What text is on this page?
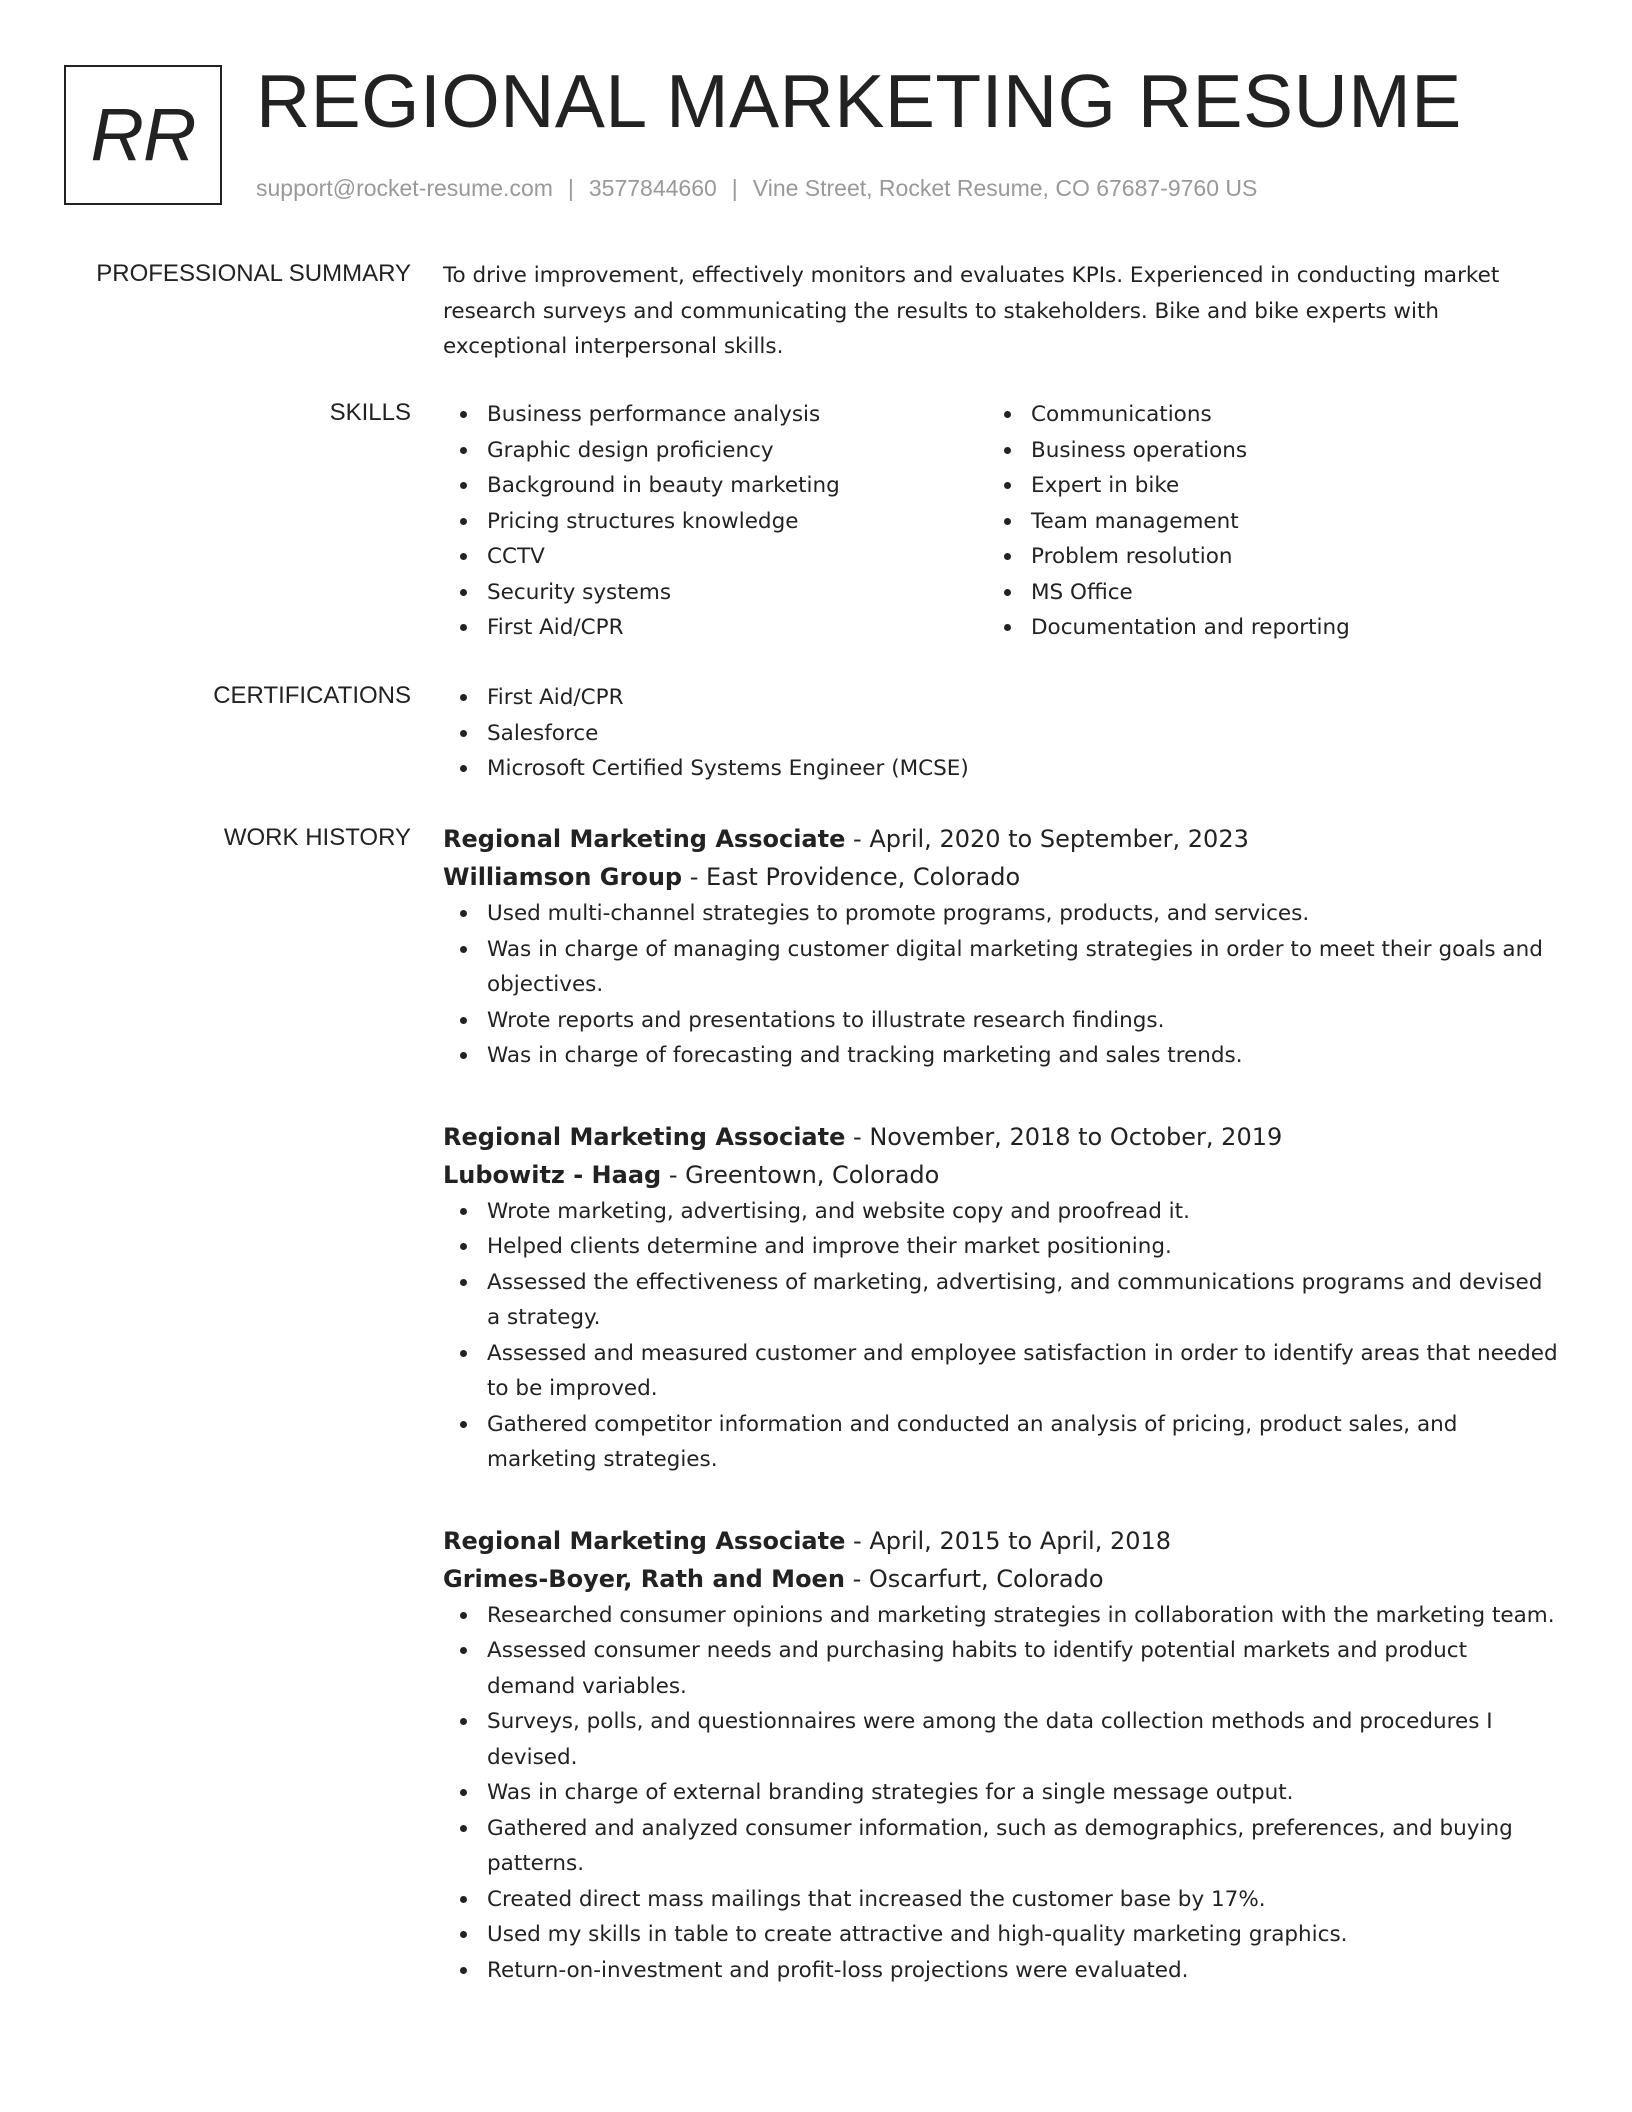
RR REGIONAL MARKETING RESUME
support@rocket-resume.com | 3577844660 | Vine Street, Rocket Resume, CO 67687-9760 US
PROFESSIONAL SUMMARY To drive improvement, effectively monitors and evaluates KPIs. Experienced in conducting market research surveys and communicating the results to stakeholders. Bike and bike experts with exceptional interpersonal skills.

SKILLS	Business performance analysis
Graphic design proficiency
Background in beauty marketing
Pricing structures knowledge
CCTV
Security systems
First Aid/CPR
Communications
Business operations
Expert in bike
Team management
Problem resolution
MS Office
Documentation and reporting
CERTIFICATIONS	First Aid/CPR
Salesforce
Microsoft Certified Systems Engineer (MCSE)
WORK HISTORY Regional Marketing Associate - April, 2020 to September, 2023
Williamson Group - East Providence, Colorado
Used multi-channel strategies to promote programs, products, and services.
Was in charge of managing customer digital marketing strategies in order to meet their goals and objectives.
Wrote reports and presentations to illustrate research findings.
Was in charge of forecasting and tracking marketing and sales trends.
Regional Marketing Associate - November, 2018 to October, 2019
Lubowitz - Haag - Greentown, Colorado
Wrote marketing, advertising, and website copy and proofread it.
Helped clients determine and improve their market positioning.
Assessed the effectiveness of marketing, advertising, and communications programs and devised a strategy.
Assessed and measured customer and employee satisfaction in order to identify areas that needed to be improved.
Gathered competitor information and conducted an analysis of pricing, product sales, and marketing strategies.
Regional Marketing Associate - April, 2015 to April, 2018
Grimes-Boyer, Rath and Moen - Oscarfurt, Colorado
Researched consumer opinions and marketing strategies in collaboration with the marketing team.
Assessed consumer needs and purchasing habits to identify potential markets and product demand variables.
Surveys, polls, and questionnaires were among the data collection methods and procedures I devised.
Was in charge of external branding strategies for a single message output.
Gathered and analyzed consumer information, such as demographics, preferences, and buying patterns.
Created direct mass mailings that increased the customer base by 17%.
Used my skills in table to create attractive and high-quality marketing graphics.
Return-on-investment and profit-loss projections were evaluated.
